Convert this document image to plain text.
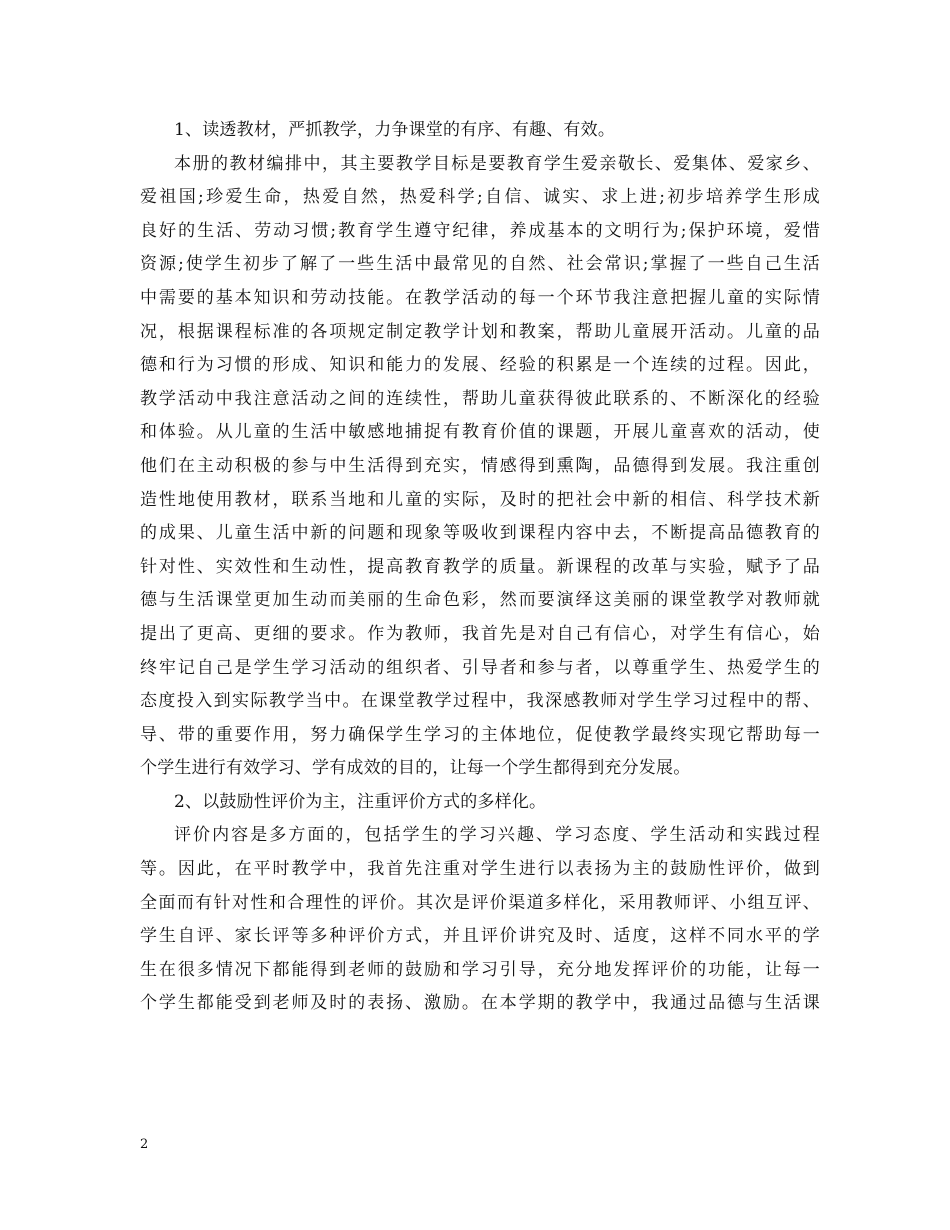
1、读透教材，严抓教学，力争课堂的有序、有趣、有效。
本册的教材编排中，其主要教学目标是要教育学生爱亲敬长、爱集体、爱家乡、
爱祖国;珍爱生命，热爱自然，热爱科学;自信、诚实、求上进;初步培养学生形成
良好的生活、劳动习惯;教育学生遵守纪律，养成基本的文明行为;保护环境，爱惜
资源;使学生初步了解了一些生活中最常见的自然、社会常识;掌握了一些自己生活
中需要的基本知识和劳动技能。在教学活动的每一个环节我注意把握儿童的实际情
况，根据课程标准的各项规定制定教学计划和教案，帮助儿童展开活动。儿童的品
德和行为习惯的形成、知识和能力的发展、经验的积累是一个连续的过程。因此，
教学活动中我注意活动之间的连续性，帮助儿童获得彼此联系的、不断深化的经验
和体验。从儿童的生活中敏感地捕捉有教育价值的课题，开展儿童喜欢的活动，使
他们在主动积极的参与中生活得到充实，情感得到熏陶，品德得到发展。我注重创
造性地使用教材，联系当地和儿童的实际，及时的把社会中新的相信、科学技术新
的成果、儿童生活中新的问题和现象等吸收到课程内容中去，不断提高品德教育的
针对性、实效性和生动性，提高教育教学的质量。新课程的改革与实验，赋予了品
德与生活课堂更加生动而美丽的生命色彩，然而要演绎这美丽的课堂教学对教师就
提出了更高、更细的要求。作为教师，我首先是对自己有信心，对学生有信心，始
终牢记自己是学生学习活动的组织者、引导者和参与者，以尊重学生、热爱学生的
态度投入到实际教学当中。在课堂教学过程中，我深感教师对学生学习过程中的帮、
导、带的重要作用，努力确保学生学习的主体地位，促使教学最终实现它帮助每一
个学生进行有效学习、学有成效的目的，让每一个学生都得到充分发展。
2、以鼓励性评价为主，注重评价方式的多样化。
评价内容是多方面的，包括学生的学习兴趣、学习态度、学生活动和实践过程
等。因此，在平时教学中，我首先注重对学生进行以表扬为主的鼓励性评价，做到
全面而有针对性和合理性的评价。其次是评价渠道多样化，采用教师评、小组互评、
学生自评、家长评等多种评价方式，并且评价讲究及时、适度，这样不同水平的学
生在很多情况下都能得到老师的鼓励和学习引导，充分地发挥评价的功能，让每一
个学生都能受到老师及时的表扬、激励。在本学期的教学中，我通过品德与生活课
2
